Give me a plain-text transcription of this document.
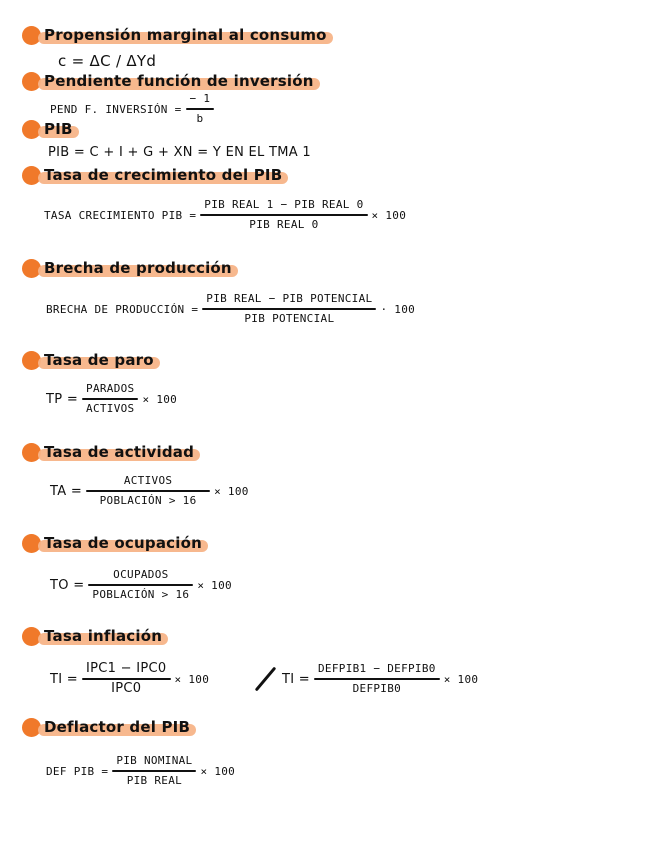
Propensión marginal al consumo
c = ΔC / ΔYd
Pendiente función de inversión
PEND F. INVERSIÓN = $\frac{- 1}{b}$
PIB
PIB = C + I + G + XN = Y EN EL TMA 1
Tasa de crecimiento del PIB
TASA CRECIMIENTO PIB = $\frac{\text{PIB REAL 1 − PIB REAL 0}}{\text{PIB REAL 0}} \times 100$
Brecha de producción
BRECHA DE PRODUCCIÓN = $\frac{\text{PIB REAL − PIB POTENCIAL}}{\text{PIB POTENCIAL}} \cdot 100$
Tasa de paro
TP = $\frac{\text{PARADOS}}{\text{ACTIVOS}} \times 100$
Tasa de actividad
TA = $\frac{\text{ACTIVOS}}{\text{POBLACIÓN > 16}} \times 100$
Tasa de ocupación
TO = $\frac{\text{OCUPADOS}}{\text{POBLACIÓN > 16}} \times 100$
Tasa inflación
TI = $\frac{\text{IPC1 − IPC0}}{\text{IPC0}} \times 100$	TI = $\frac{\text{DEFPIB1 − DEFPIB0}}{\text{DEFPIB0}} \times 100$
Deflactor del PIB
DEF PIB = $\frac{\text{PIB NOMINAL}}{\text{PIB REAL}} \times 100$
